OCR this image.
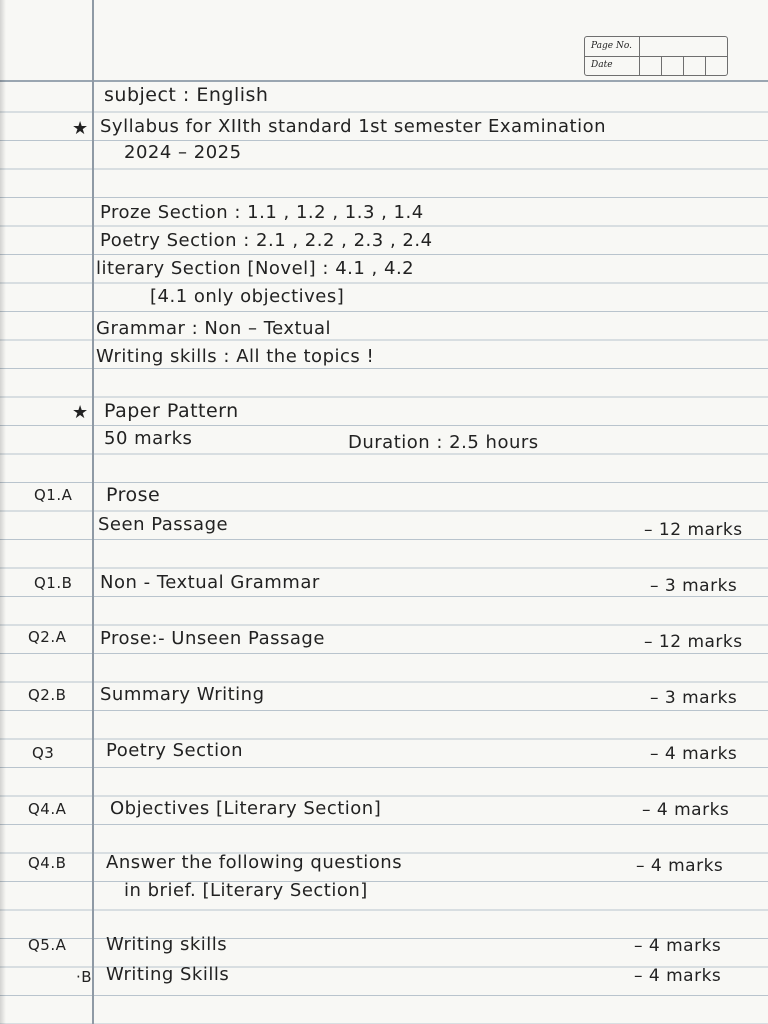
Page No.
Date
subject : English
★ Syllabus for XIIth standard 1st semester Examination
2024 – 2025
Proze Section : 1.1 , 1.2 , 1.3 , 1.4
Poetry Section : 2.1 , 2.2 , 2.3 , 2.4
literary Section [Novel] : 4.1 , 4.2
[4.1 only objectives]
Grammar : Non – Textual
Writing skills : All the topics !
★ Paper Pattern
50 marks	Duration : 2.5 hours
Q1.A Prose
Seen Passage	– 12 marks
Q1.B Non - Textual Grammar	– 3 marks
Q2.A Prose:- Unseen Passage	– 12 marks
Q2.B Summary Writing	– 3 marks
Q3	Poetry Section	– 4 marks
Q4.A Objectives [Literary Section]	– 4 marks
Q4.B Answer the following questions	– 4 marks
in brief. [Literary Section]
Q5.A Writing skills	– 4 marks
·B Writing Skills	– 4 marks
